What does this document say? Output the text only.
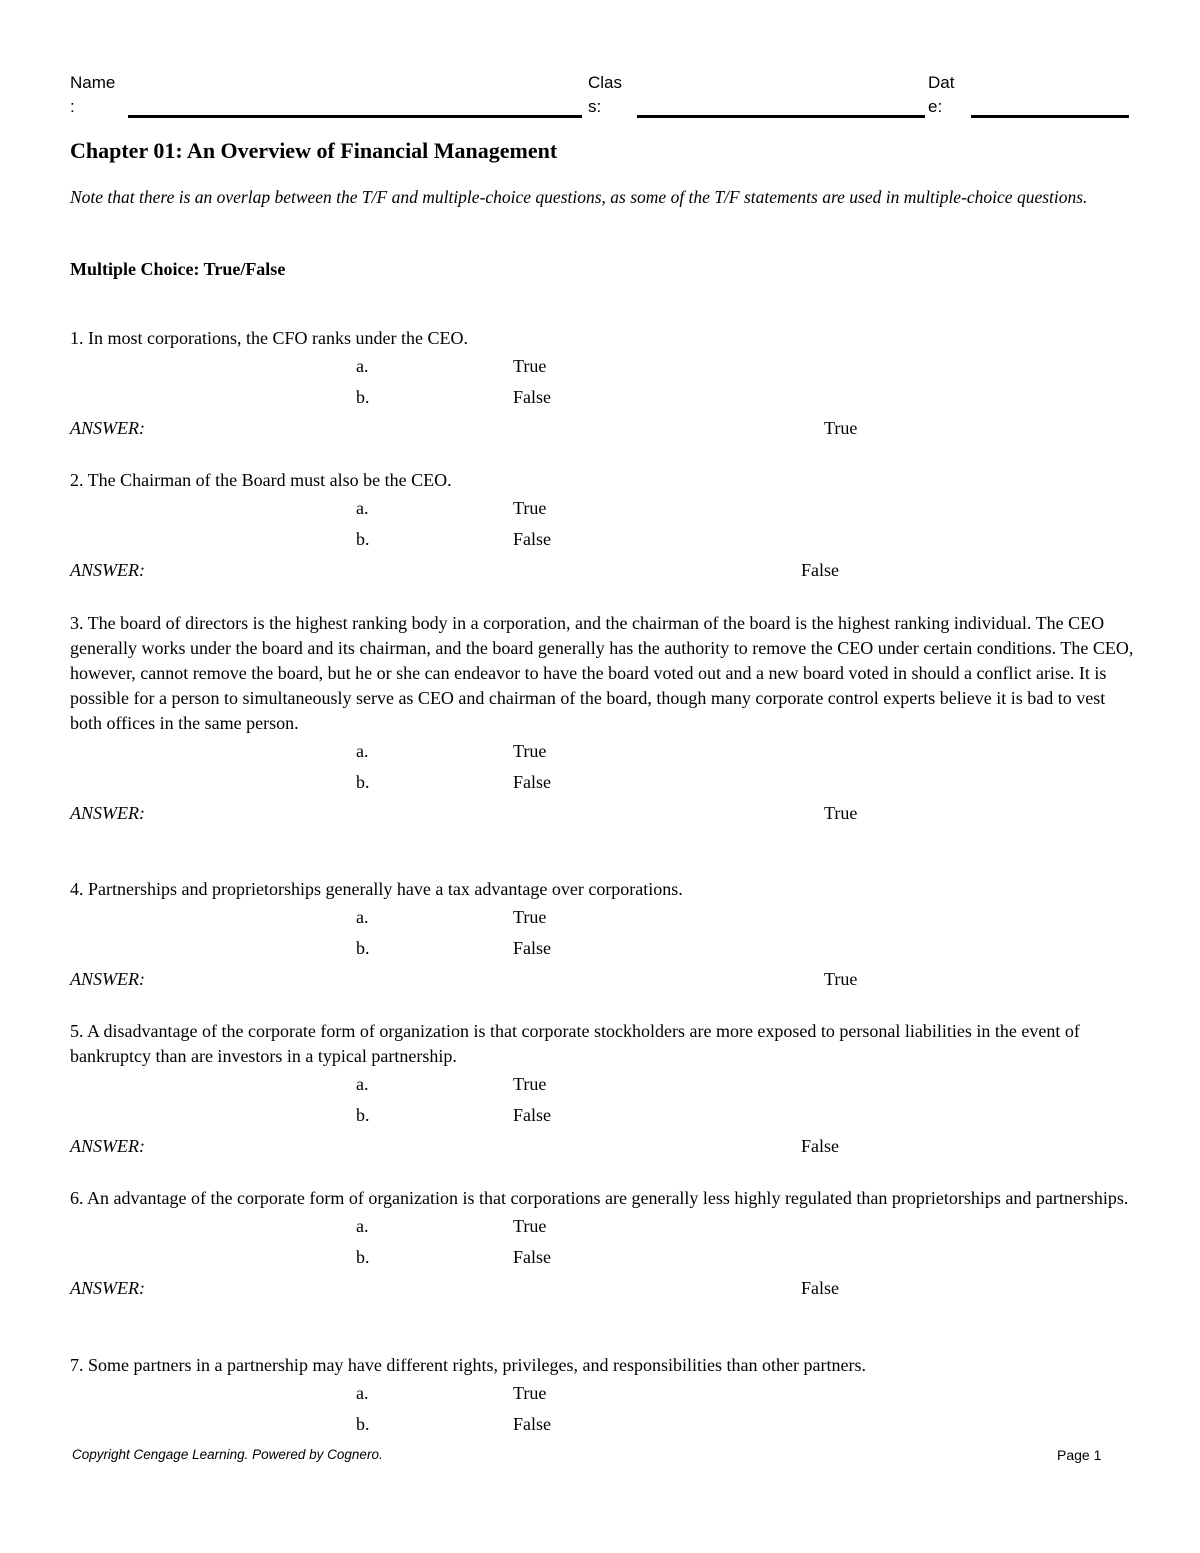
Name
:
Clas
s:
Dat
e:
Chapter 01: An Overview of Financial Management
Note that there is an overlap between the T/F and multiple-choice questions, as some of the T/F statements are used in multiple-choice questions.
Multiple Choice: True/False
1. In most corporations, the CFO ranks under the CEO.
a.	True
b.	False
ANSWER:	True
2. The Chairman of the Board must also be the CEO.
a.	True
b.	False
ANSWER:	False
3. The board of directors is the highest ranking body in a corporation, and the chairman of the board is the highest ranking individual. The CEO generally works under the board and its chairman, and the board generally has the authority to remove the CEO under certain conditions. The CEO, however, cannot remove the board, but he or she can endeavor to have the board voted out and a new board voted in should a conflict arise. It is possible for a person to simultaneously serve as CEO and chairman of the board, though many corporate control experts believe it is bad to vest both offices in the same person.
a.	True
b.	False
ANSWER:	True
4. Partnerships and proprietorships generally have a tax advantage over corporations.
a.	True
b.	False
ANSWER:	True
5. A disadvantage of the corporate form of organization is that corporate stockholders are more exposed to personal liabilities in the event of bankruptcy than are investors in a typical partnership.
a.	True
b.	False
ANSWER:	False
6. An advantage of the corporate form of organization is that corporations are generally less highly regulated than proprietorships and partnerships.
a.	True
b.	False
ANSWER:	False
7. Some partners in a partnership may have different rights, privileges, and responsibilities than other partners.
a.	True
b.	False
Copyright Cengage Learning. Powered by Cognero.	Page 1
